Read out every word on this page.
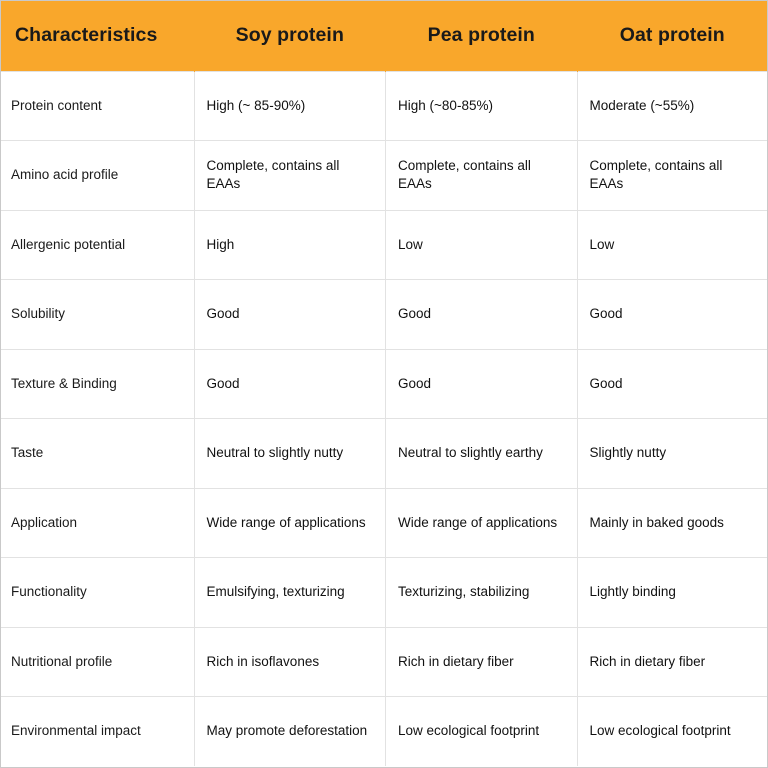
Characteristics	Soy protein	Pea protein	Oat protein
Protein content	High (~ 85-90%)	High (~80-85%)	Moderate (~55%)
Amino acid profile	Complete, contains all EAAs	Complete, contains all EAAs	Complete, contains all EAAs
Allergenic potential	High	Low	Low
Solubility	Good	Good	Good
Texture & Binding	Good	Good	Good
Taste	Neutral to slightly nutty	Neutral to slightly earthy	Slightly nutty
Application	Wide range of applications	Wide range of applications	Mainly in baked goods
Functionality	Emulsifying, texturizing	Texturizing, stabilizing	Lightly binding
Nutritional profile	Rich in isoflavones	Rich in dietary fiber	Rich in dietary fiber
Environmental impact	May promote deforestation	Low ecological footprint	Low ecological footprint
